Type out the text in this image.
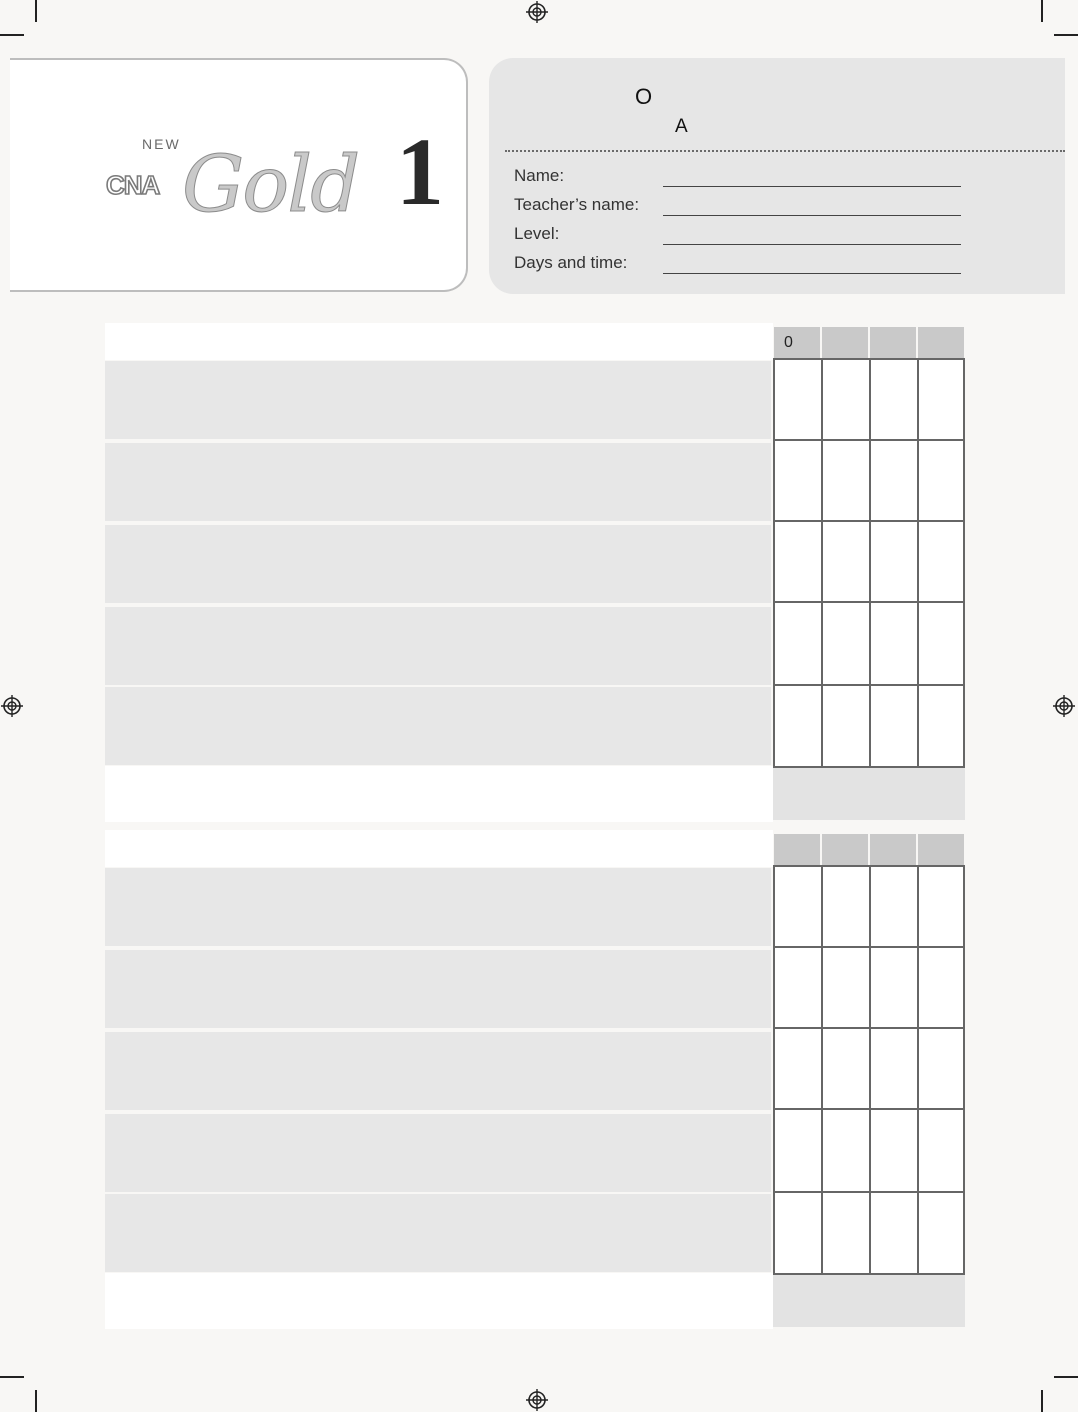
NEW
CNA Gold 1
O
A
Name:
Teacher’s name:
Level:
Days and time:
0
